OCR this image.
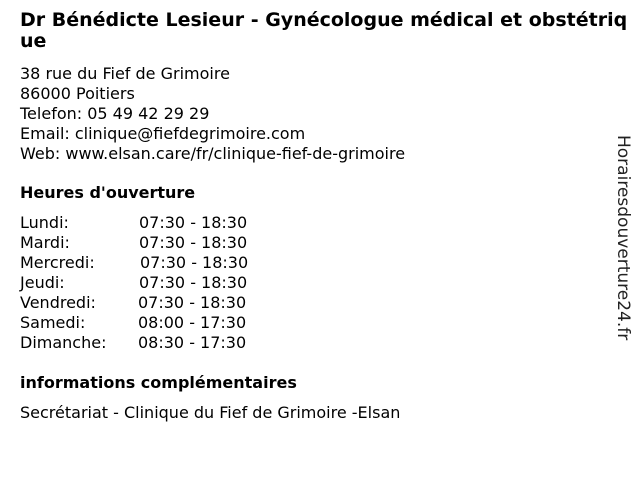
Dr Bénédicte Lesieur - Gynécologue médical et obstétrique
38 rue du Fief de Grimoire
86000 Poitiers
Telefon: 05 49 42 29 29
Email: clinique@fiefdegrimoire.com
Web: www.elsan.care/fr/clinique-fief-de-grimoire
Heures d'ouverture
Lundi:	07:30 - 18:30
Mardi:	07:30 - 18:30
Mercredi:	07:30 - 18:30
Jeudi:	07:30 - 18:30
Vendredi:	07:30 - 18:30
Samedi:	08:00 - 17:30
Dimanche: 08:30 - 17:30
informations complémentaires
Secrétariat - Clinique du Fief de Grimoire -Elsan
Horairesdouverture24.fr
